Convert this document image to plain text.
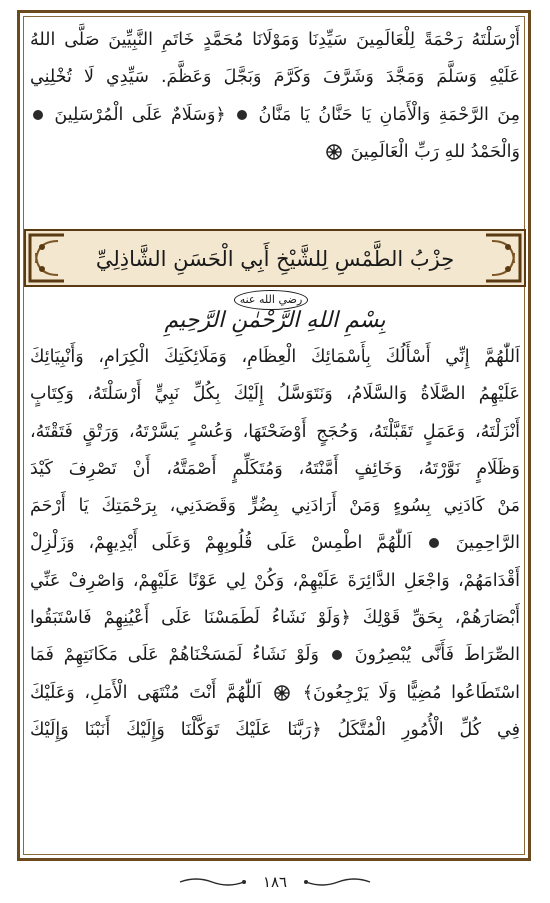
أَرْسَلْتَهُ رَحْمَةً لِلْعَالَمِينَ سَيِّدِنَا وَمَوْلَانَا مُحَمَّدٍ خَاتَمِ النَّبِيِّينَ صَلَّى اللهُ
عَلَيْهِ وَسَلَّمَ وَمَجَّدَ وَشَرَّفَ وَكَرَّمَ وَبَجَّلَ وَعَظَّمَ. سَيِّدِي لَا تُخْلِنِي
مِنَ الرَّحْمَةِ وَالْأَمَانِ يَا حَنَّانُ يَا مَنَّانُ  ﴿وَسَلَامٌ عَلَى الْمُرْسَلِينَ
وَالْحَمْدُ للهِ رَبِّ الْعَالَمِينَ
حِزْبُ الطَّمْسِ لِلشَّيْخِ أَبِي الْحَسَنِ الشَّاذِلِيِّ رضي الله عنه
بِسْمِ اللهِ الرَّحْمٰنِ الرَّحِيمِ
اَللّٰهُمَّ إِنِّي أَسْأَلُكَ بِأَسْمَائِكَ الْعِظَامِ، وَمَلَائِكَتِكَ الْكِرَامِ، وَأَنْبِيَائِكَ
عَلَيْهِمُ الصَّلَاةُ وَالسَّلَامُ، وَنَتَوَسَّلُ إِلَيْكَ بِكُلِّ نَبِيٍّ أَرْسَلْتَهُ، وَكِتَابٍ
أَنْزَلْتَهُ، وَعَمَلٍ تَقَبَّلْتَهُ، وَحُجَجٍ أَوْضَحْتَهَا، وَعُسْرٍ يَسَّرْتَهُ، وَرَتْقٍ فَتَقْتَهُ،
وَظَلَامٍ نَوَّرْتَهُ، وَخَائِفٍ أَمَّنْتَهُ، وَمُتَكَلِّمٍ أَصْمَتَّهُ، أَنْ تَصْرِفَ كَيْدَ
مَنْ كَادَنِي بِسُوءٍ وَمَنْ أَرَادَنِي بِضُرٍّ وَقَصَدَنِي، بِرَحْمَتِكَ يَا أَرْحَمَ
الرَّاحِمِينَ  اَللّٰهُمَّ اطْمِسْ عَلَى قُلُوبِهِمْ وَعَلَى أَيْدِيهِمْ، وَزَلْزِلْ
أَقْدَامَهُمْ، وَاجْعَلِ الدَّائِرَةَ عَلَيْهِمْ، وَكُنْ لِي عَوْنًا عَلَيْهِمْ، وَاصْرِفْ عَنِّي
أَبْصَارَهُمْ، بِحَقِّ قَوْلِكَ ﴿وَلَوْ نَشَاءُ لَطَمَسْنَا عَلَى أَعْيُنِهِمْ فَاسْتَبَقُوا
الصِّرَاطَ فَأَنَّى يُبْصِرُونَ  وَلَوْ نَشَاءُ لَمَسَخْنَاهُمْ عَلَى مَكَانَتِهِمْ فَمَا
اسْتَطَاعُوا مُضِيًّا وَلَا يَرْجِعُونَ﴾  اَللّٰهُمَّ أَنْتَ مُنْتَهَى الْأَمَلِ، وَعَلَيْكَ
فِي كُلِّ الْأُمُورِ الْمُتَّكَلُ ﴿رَبَّنَا عَلَيْكَ تَوَكَّلْنَا وَإِلَيْكَ أَنَبْنَا وَإِلَيْكَ
١٨٦
